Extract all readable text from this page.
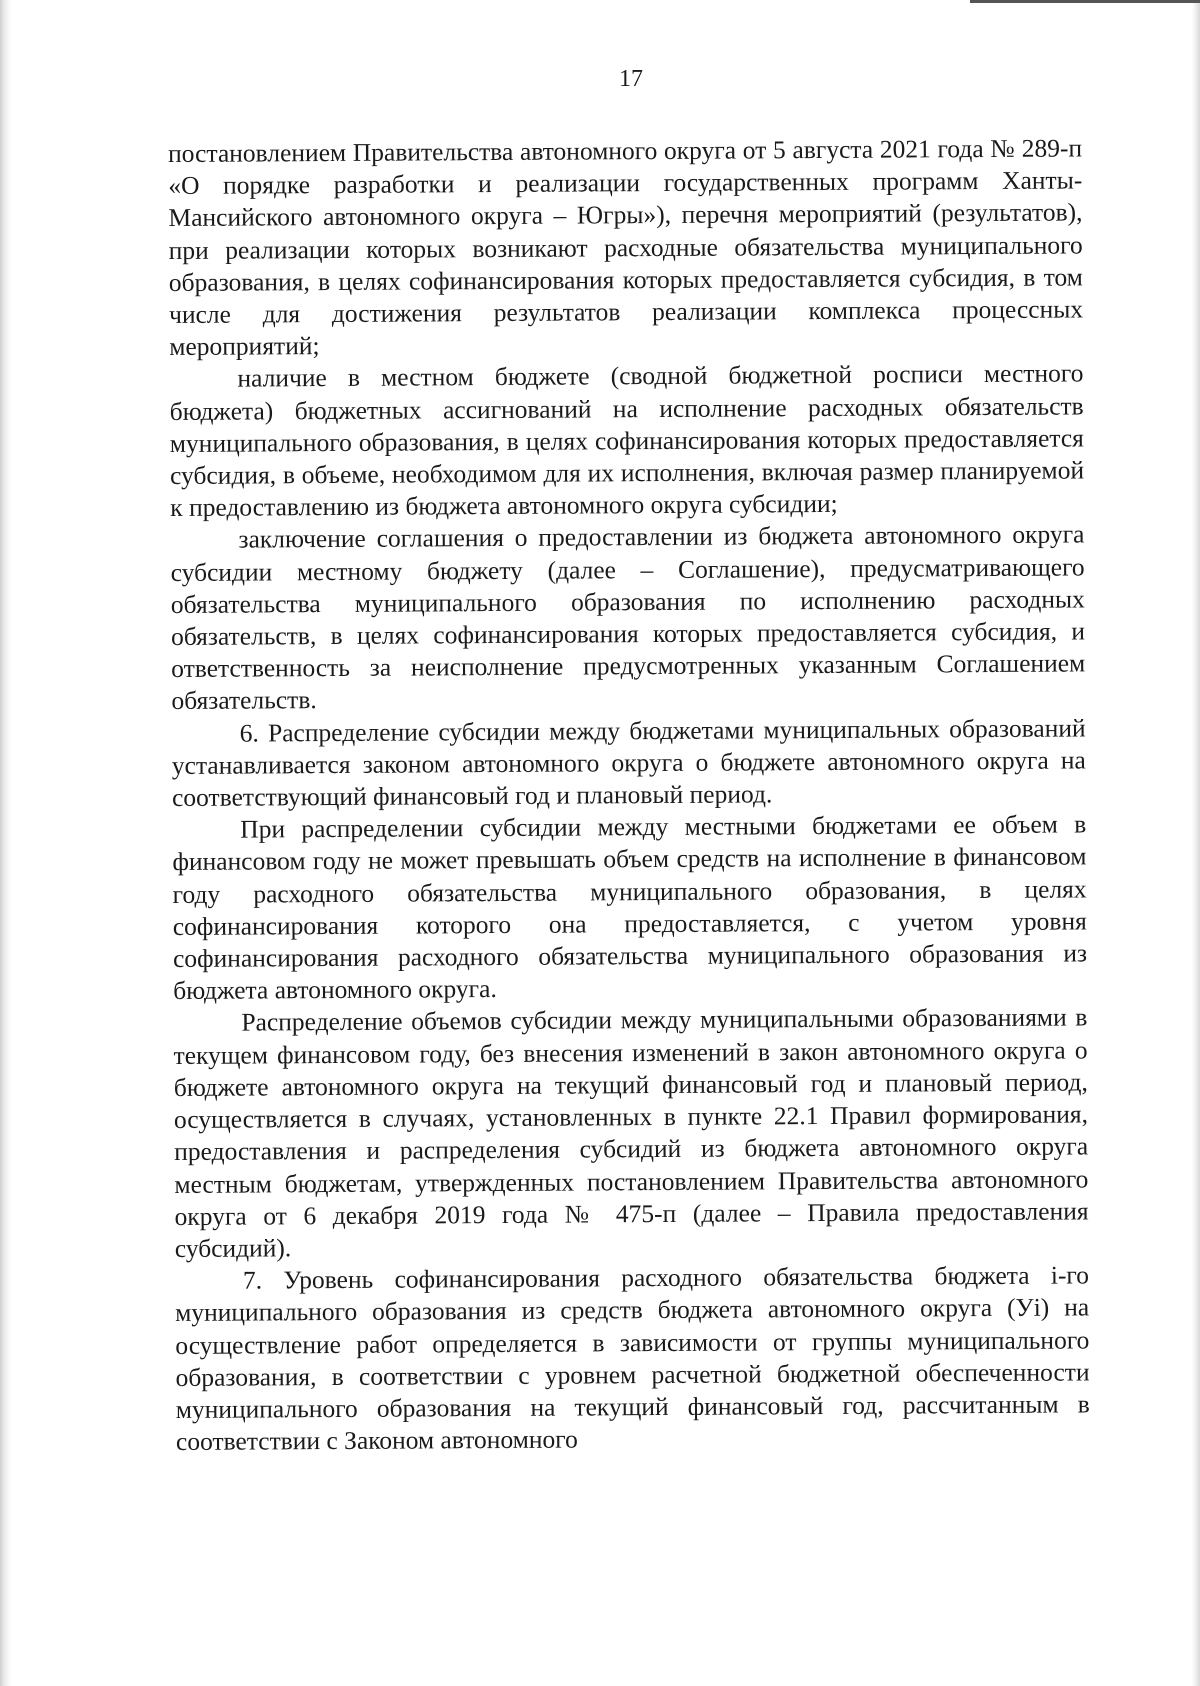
17

постановлением Правительства автономного округа от 5 августа 2021 года № 289-п «О порядке разработки и реализации государственных программ Ханты-Мансийского автономного округа – Югры»), перечня мероприятий (результатов), при реализации которых возникают расходные обязательства муниципального образования, в целях софинансирования которых предоставляется субсидия, в том числе для достижения результатов реализации комплекса процессных мероприятий;

наличие в местном бюджете (сводной бюджетной росписи местного бюджета) бюджетных ассигнований на исполнение расходных обязательств муниципального образования, в целях софинансирования которых предоставляется субсидия, в объеме, необходимом для их исполнения, включая размер планируемой к предоставлению из бюджета автономного округа субсидии;

заключение соглашения о предоставлении из бюджета автономного округа субсидии местному бюджету (далее – Соглашение), предусматривающего обязательства муниципального образования по исполнению расходных обязательств, в целях софинансирования которых предоставляется субсидия, и ответственность за неисполнение предусмотренных указанным Соглашением обязательств.

6. Распределение субсидии между бюджетами муниципальных образований устанавливается законом автономного округа о бюджете автономного округа на соответствующий финансовый год и плановый период.

При распределении субсидии между местными бюджетами ее объем в финансовом году не может превышать объем средств на исполнение в финансовом году расходного обязательства муниципального образования, в целях софинансирования которого она предоставляется, с учетом уровня софинансирования расходного обязательства муниципального образования из бюджета автономного округа.

Распределение объемов субсидии между муниципальными образованиями в текущем финансовом году, без внесения изменений в закон автономного округа о бюджете автономного округа на текущий финансовый год и плановый период, осуществляется в случаях, установленных в пункте 22.1 Правил формирования, предоставления и распределения субсидий из бюджета автономного округа местным бюджетам, утвержденных постановлением Правительства автономного округа от 6 декабря 2019 года № 475-п (далее – Правила предоставления субсидий).

7. Уровень софинансирования расходного обязательства бюджета i-го муниципального образования из средств бюджета автономного округа (Уi) на осуществление работ определяется в зависимости от группы муниципального образования, в соответствии с уровнем расчетной бюджетной обеспеченности муниципального образования на текущий финансовый год, рассчитанным в соответствии с Законом автономного
